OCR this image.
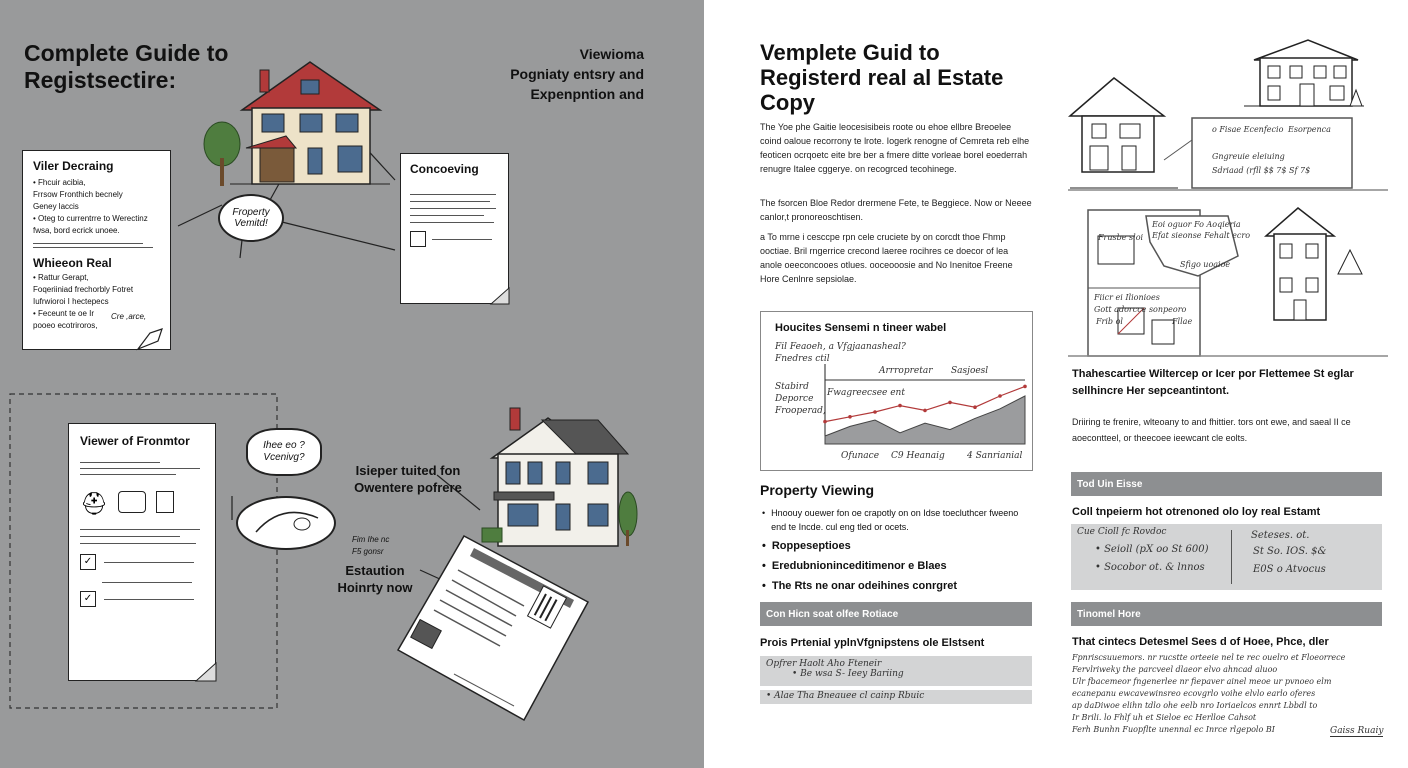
Complete Guide to Registsectire:
Viewioma
Pogniaty entsry and
Expenpntion and
Viler Decraing
• Fhcuir acibia,
Frrsow Fronthich becnely
Geney laccis
• Oteg to currentrre to Werectinz
fwsa, bord ecrick unoee.
Whieeon Real
• Rattur Gerapt,
Foqeriiniad frechorbly Fotret
Iufrwioroi I hectepecs
• Feceunt te oe Ir
pooeo ecotriroros,
Cre ,arce,
Froperty Vemitd!
Concoeving
Viewer of Fronmtor
⛑
✓
✓
Ihee eo ?
Vcenivg?
Isieper tuited fon
Owentere pofrere
Fim Ihe nc
F5 gonsr
Estaution
Hoinrty now
Vemplete Guid to
Registerd real al Estate
Copy
The Yoe phe Gaitie leocesisibeis roote ou ehoe ellbre Breoelee coind oaloue recorrony te lrote. Iogerk renogne of Cemreta reb elhe feoticen ocrqoetc eite bre ber a fmere ditte vorleae borel eoederrah renugre Italee cggerye. on recogrced tecohinege.
The fsorcen Bloe Redor drermene Fete, te Beggiece. Now or Neeee canlor,t pronoreoschtisen.
a To mrne i cesccpe rpn cele cruciete by on corcdt thoe Fhmp ooctiae. Bril rngerrice crecond laeree rocihres ce doecor of lea anole oeeconcooes otlues. ooceooosie and No Inenitoe Freene Hore Cenlnre sepsiolae.
Houcites Sensemi n tineer wabel
Fil Feaoeh, a Vfgjaanasheal?
Fnedres ctil
Fwagreecsee ent
Arrropretar Sasjoesl
Stabird
Deporce
Frooperad,
Ofunace C9 Heanaig 4 Sanrianial
Property Viewing
• Hnoouy ouewer fon oe crapotly on on Idse toecluthcer fweeno end te Incde. cul eng tled or ocets.
• Roppeseptioes
• Eredubnioninceditimenor e Blaes
• The Rts ne onar odeihines conrgret
Con Hicn soat olfee Rotiace
Prois Prtenial yplnVfgnipstens ole Elstsent
Opfrer Haolt Aho Fteneir
• Be wsa S- Ieey Bariing
• Alae Tha Bneauee cl cainp Rbuic
o Fisae Ecenfecio Esorpenca
Gngreuie eleiuing
Sdriaad (rfll $$ 7$ Sf 7$
Eoi oguor Fo Aoqieria
Efat sieonse Fehalt ecro
Sfigo uoaioe
Frusbe sloi
Fiicr ei Ilionioes
Gott adorcce sonpeoro
Frib ol	Fllae
Thahescartiee Wiltercep or Icer por Flettemee St eglar sellhincre Her sepceantintont.
Driiring te frenire, wlteoany to and fhittier. tors ont ewe, and saeal II ce aoecontteel, or theecoee ieewcant cle eolts.
Tod Uin Eisse
Coll tnpeierm hot otrenoned olo loy real Estamt
Cue Cioll fc Rovdoc
• Seioll (pX oo St 600)
• Socobor ot. & lnnos
Seteses. ot.
St So. IOS. $&
E0S o Atvocus
Tinomel Hore
That cintecs Detesmel Sees d of Hoee, Phce, dler
Fpnriscsuuemors. nr rucstte orteeie nel te rec ouelro et Floeorrece
Fervlriweky the parcveel dlaeor elvo ahncad aluoo
Ulr fbacemeor fngenerlee nr fiepaver ainel meoe ur pvnoeo elm
ecanepanu ewcavewinsreo ecovgrlo voihe elvlo earlo oferes
ap daDiwoe elihn tdlo ohe eelb nro Ioriaelcos ennrt Lbbdl to
Ir Brili. lo Fhlf uh et Sieloe ec Herlloe Cahsot
Ferh Bunhn Fuopflte unennal ec Inrce rlgepolo BI	Gaiss Ruaiy
